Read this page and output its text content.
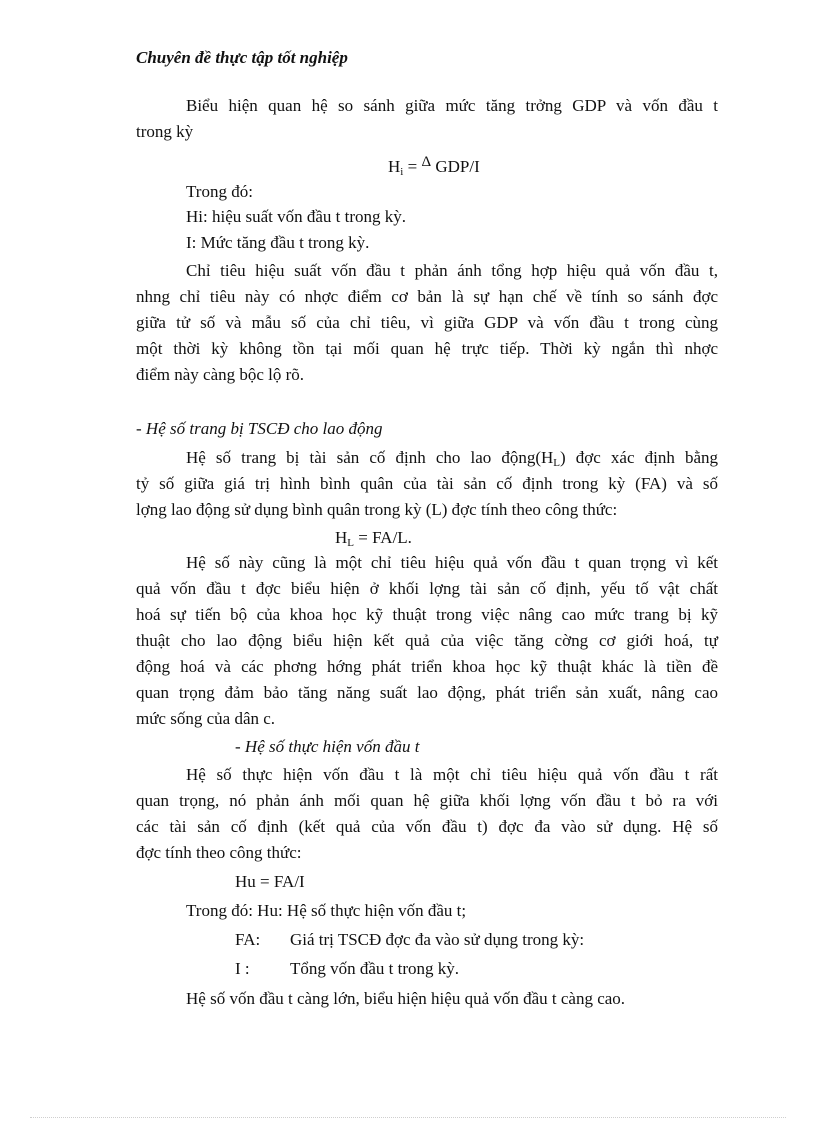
Chuyên đề thực tập tốt nghiệp
Biểu hiện quan hệ so sánh giữa mức tăng trởng GDP và vốn đầu t
trong kỳ
$H_i = \Delta$ GDP/I
Trong đó:
Hi: hiệu suất vốn đầu t trong kỳ.
I: Mức tăng đầu t trong kỳ.
Chỉ tiêu hiệu suất vốn đầu t phản ánh tổng hợp hiệu quả vốn đầu t,
nhng chỉ tiêu này có nhợc điểm cơ bản là sự hạn chế về tính so sánh đợc
giữa tử số và mẫu số của chỉ tiêu, vì giữa GDP và vốn đầu t trong cùng
một thời kỳ không tồn tại mối quan hệ trực tiếp. Thời kỳ ngắn thì nhợc
điểm này càng bộc lộ rõ.
- Hệ số trang bị TSCĐ cho lao động
Hệ số trang bị tài sản cố định cho lao $động(H_L)$ đợc xác định bằng
tỷ số giữa giá trị hình bình quân của tài sản cố định trong kỳ (FA) và số
lợng lao động sử dụng bình quân trong kỳ (L) đợc tính theo công thức:
$H_L = FA/L$.
Hệ số này cũng là một chỉ tiêu hiệu quả vốn đầu t quan trọng vì kết
quả vốn đầu t đợc biểu hiện ở khối lợng tài sản cố định, yếu tố vật chất
hoá sự tiến bộ của khoa học kỹ thuật trong việc nâng cao mức trang bị kỹ
thuật cho lao động biểu hiện kết quả của việc tăng cờng cơ giới hoá, tự
động hoá và các phơng hớng phát triển khoa học kỹ thuật khác là tiền đề
quan trọng đảm bảo tăng năng suất lao động, phát triển sản xuất, nâng cao
mức sống của dân c.
- Hệ số thực hiện vốn đầu t
Hệ số thực hiện vốn đầu t là một chỉ tiêu hiệu quả vốn đầu t rất
quan trọng, nó phản ánh mối quan hệ giữa khối lợng vốn đầu t bỏ ra với
các tài sản cố định (kết quả của vốn đầu t) đợc đa vào sử dụng. Hệ số
đợc tính theo công thức:
Hu = FA/I
Trong đó: Hu: Hệ số thực hiện vốn đầu t;
FA: Giá trị TSCĐ đợc đa vào sử dụng trong kỳ:
I : Tổng vốn đầu t trong kỳ.
Hệ số vốn đầu t càng lớn, biểu hiện hiệu quả vốn đầu t càng cao.
